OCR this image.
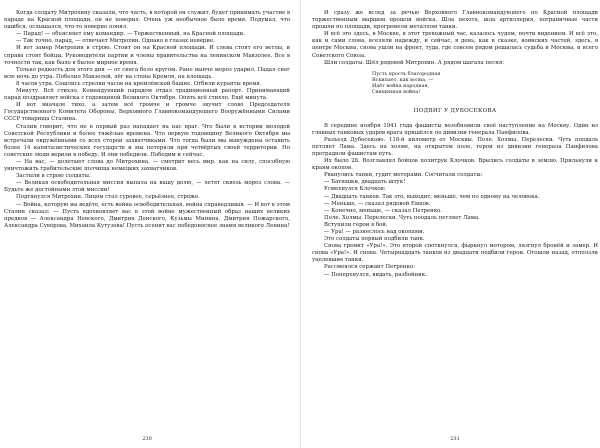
Когда солдату Митрохину сказали, что часть, в которой он служит, будет принимать участие в параде на Красной площади, он не поверил. Очень уж необычное было время. Подумал, что ошибся, ослышался, что-то неверно понял.

— Парад! — объясняет ему командир. — Торжественный, на Красной площади.

— Так точно, парад, — отвечает Митрохин. Однако в глазах неверие.

И вот замер Митрохин в строю. Стоит он на Красной площади. И слева стоят его ветлы, и справа стоят бойцы. Руководители партии и члены правительства на ленинском Мавзолее. Все в точности так, как было в былое мирное время.

Только редкость для этого дня — от снега бело кругом. Рано нынче мороз ударил. Падал снег всю ночь до утра. Побелил Мавзолей, лёг на стены Кремля, на площадь.

8 часов утра. Сошлись стрелки часов на кремлёвской башне. Отбили куранты время.

Минуту. Всё стихло. Командующий парадом отдал традиционный рапорт. Принимающий парад поздравляет войска с годовщиной Великого Октября. Опять всё стихло. Ещё минута.

И вот вначале тихо, а затем всё громче и громче звучит слово Председателя Государственного Комитета Обороны, Верховного Главнокомандующего Вооружёнными Силами СССР товарища Сталина.

Сталин говорит, что не в первый раз нападает на нас враг. Что были в истории молодой Советской Республики и более тяжёлые времена. Что первую годовщину Великого Октября мы встречали окружёнными со всех сторон захватчиками. Что тогда были мы вынуждены оставить более 14 капиталистических государств и мы потеряли при четвёртых своей территории. Но советские люди верили в победу. И они победили. Победим и сейчас.

— На вас, — долетают слова до Митрохина, — смотрит весь мир, как на силу, способную уничтожить грабительские полчища немецких захватчиков.

Застыли в строю солдаты.

— Великая освободительная миссия выпала на вашу долю, — летят сквозь мороз слова. — Будьте же достойными этой миссии!

Подтянулся Митрохин. Лицом стал суровее, серьёзнее, строже.

— Война, которую вы ведёте, есть война освободительная, война справедливая. — И вот в этом Сталин сказал: — Пусть вдохновляет вас в этой войне мужественный образ наших великих предков — Александра Невского, Дмитрия Донского, Кузьмы Минина, Дмитрия Пожарского, Александра Суворова, Михаила Кутузова! Пусть осенит вас победоносное знамя великого Ленина!

230

И сразу же вслед за речью Верховного Главнокомандующего по Красной площади торжественным маршем прошли войска. Шла пехота, шла артиллерия, пограничные части прошли по площади, прогремели металлом танки.

И всё это здесь, в Москве, в этот тревожный час, казалось чудом, почти видением. И всё это, как и сами слова, вселяли надежду, и сейчас, в день, как в сказке, воинских частей, здесь, в центре Москвы, снова ушли на фронт, туда, где совсем рядом решалась судьба и Москвы, и всего Советского Союза.

Шли солдаты. Шёл рядовой Митрохин. А рядом шагала песня:

Пусть ярость благородная
Вскипает, как волна, —
Идёт война народная,
Священная война!
ПОДВИГ У ДУБОСЕКОВА

В середине ноября 1941 года фашисты возобновили своё наступление на Москву. Один из главных танковых ударов врага пришёлся по дивизии генерала Панфилова.

Разъезд Дубосеково. 118-й километр от Москвы. Поле. Холмы. Перелески. Чуть поодаль петляет Лама. Здесь на холме, на открытом поле, герои из дивизии генерала Панфилова преградили фашистам путь.

Их было 28. Возглавлял бойцов политрук Клочков. Врылись солдаты в землю. Прильнули к краям окопов.

Рванулись танки, гудит моторами. Сосчитали солдаты:

— Батюшки, двадцать штук!

Усмехнулся Клочков:

— Двадцать танков. Так это, выходит, меньше, чем по одному на человека.

— Меньше, — сказал рядовой Емцов.

— Конечно, меньше, — сказал Петренко.

Поле. Холмы. Перелески. Чуть поодаль петляет Лама.

Вступили герои в бой.

— Ура! — разнеслось над окопами.

Это солдаты первый подбили танк.

Снова гремит «Ура!». Это второй споткнулся, фыркнул мотором, лязгнул бронёй и замер. И снова «Ура!». И снова. Четырнадцать танков из двадцати подбили герои. Отошли назад, отползли уцелевшие танки.

Рассмеялся сержант Петренко:

— Поперхнулся, видать, разбойник.

231
